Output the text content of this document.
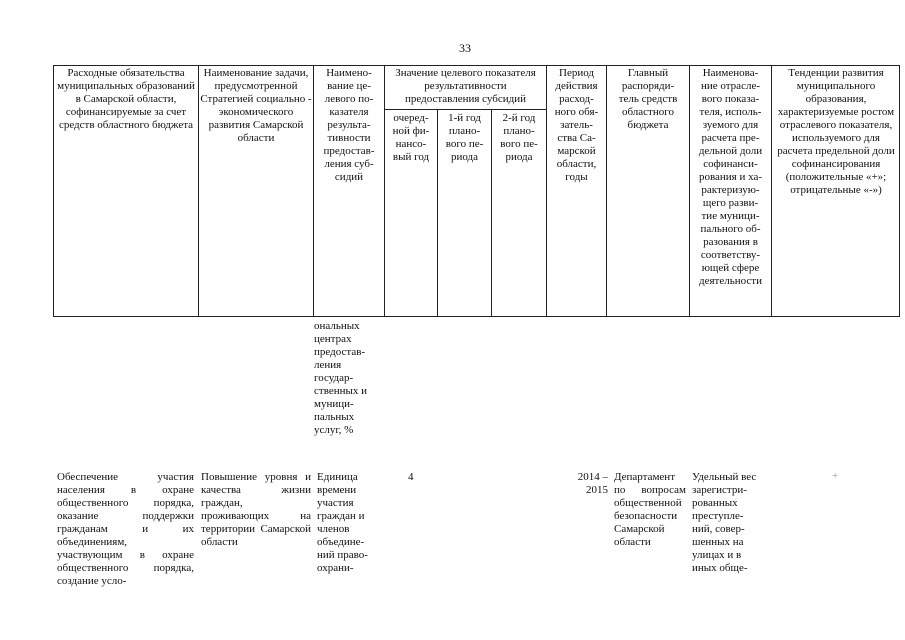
33
Расходные обязательства муниципальных образований в Самарской области, софинансируемые за счет средств областного бюджета
Наименование задачи, предусмотренной Стратегией социально - экономического развития Самарской области
Наимено-
вание це-
левого по-
казателя
результа-
тивности
предостав-
ления суб-
сидий
Значение целевого показателя результативности предоставления субсидий
очеред-
ной фи-
нансо-
вый год
1-й год
плано-
вого пе-
риода
2-й год
плано-
вого пе-
риода
Период
действия
расход-
ного обя-
затель-
ства Са-
марской
области,
годы
Главный
распоряди-
тель средств
областного
бюджета
Наименова-
ние отрасле-
вого показа-
теля, исполь-
зуемого для
расчета пре-
дельной доли
софинанси-
рования и ха-
рактеризую-
щего разви-
тие муници-
пального об-
разования в
соответству-
ющей сфере
деятельности
Тенденции развития муниципального образования, характеризуемые ростом отраслевого показателя, используемого для расчета предельной доли софинансирования (положительные «+»; отрицательные «-»)
ональных
центрах
предостав-
ления
государ-
ственных и
муници-
пальных
услуг, %
Обеспечение участия населения в охране общественного порядка, оказание поддержки гражданам и их объединениям, участвующим в охране общественного порядка, создание усло-
Повышение уровня и качества жизни граждан, проживающих на территории Самарской области
Единица
времени
участия
граждан и
членов
объедине-
ний право-
охрани-
4	2014 –
2015
Департамент по вопросам общественной безопасности Самарской области
Удельный вес
зарегистри-
рованных
преступле-
ний, совер-
шенных на
улицах и в
иных обще-
+
